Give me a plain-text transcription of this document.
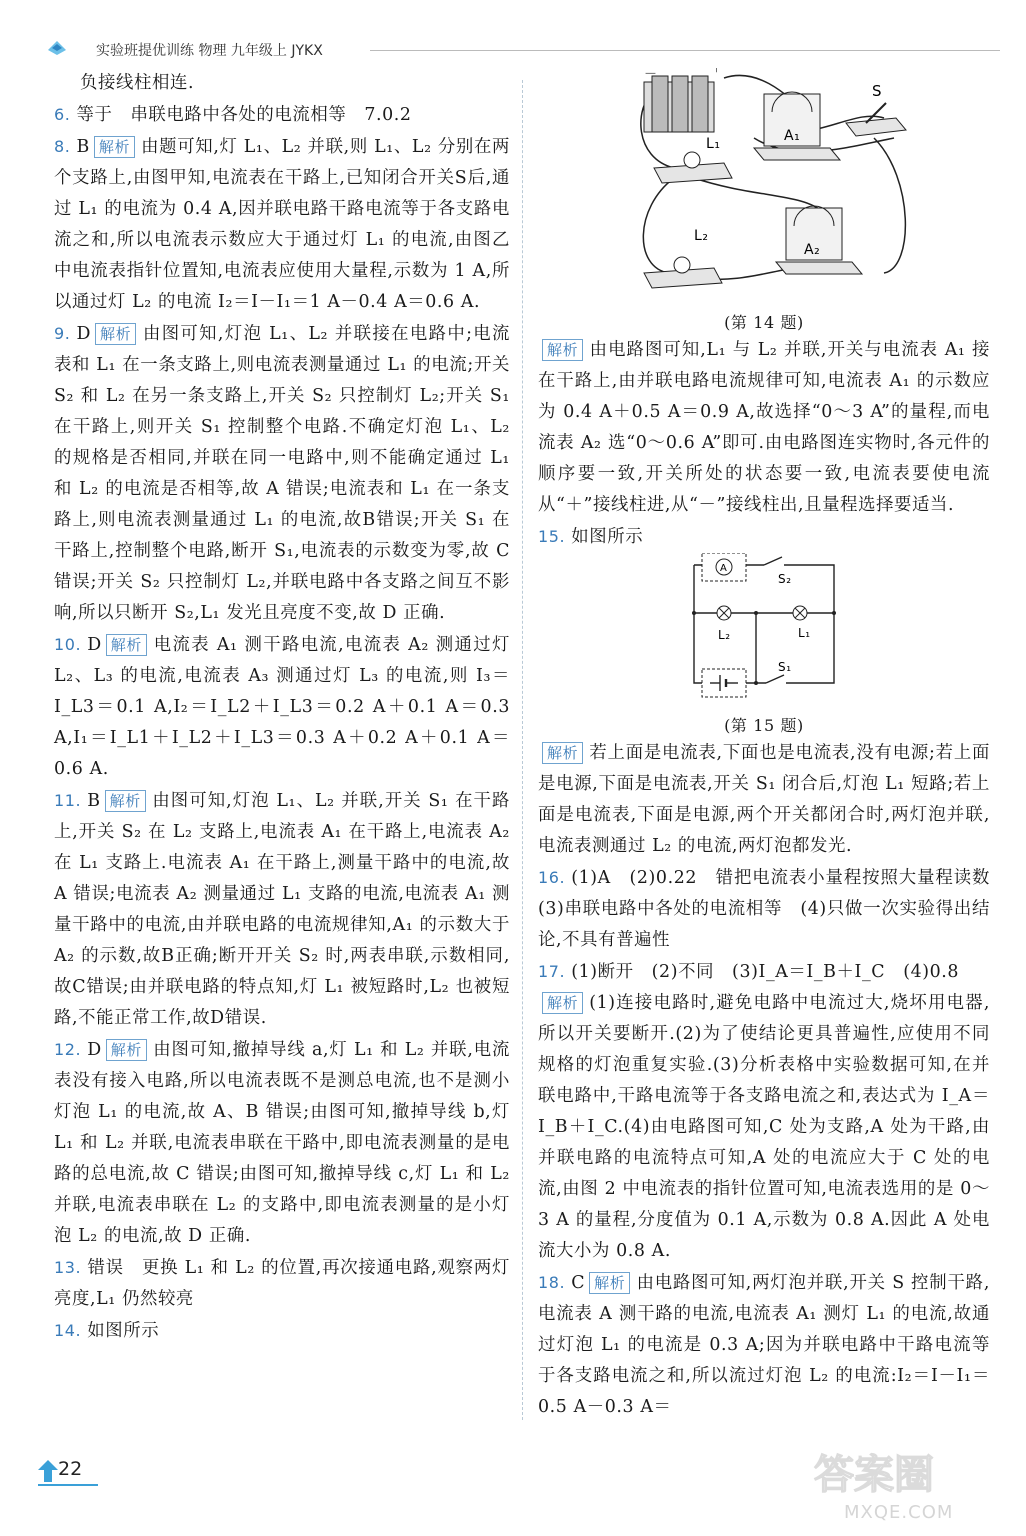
实验班提优训练 物理 九年级上 JYKX

负接线柱相连.

6. 等于　串联电路中各处的电流相等　7.0.2

8. B 解析 由题可知,灯 L₁、L₂ 并联,则 L₁、L₂ 分别在两个支路上,由图甲知,电流表在干路上,已知闭合开关S后,通过 L₁ 的电流为 0.4 A,因并联电路干路电流等于各支路电流之和,所以电流表示数应大于通过灯 L₁ 的电流,由图乙中电流表指针位置知,电流表应使用大量程,示数为 1 A,所以通过灯 L₂ 的电流 I₂＝I－I₁＝1 A－0.4 A＝0.6 A.

9. D 解析 由图可知,灯泡 L₁、L₂ 并联接在电路中;电流表和 L₁ 在一条支路上,则电流表测量通过 L₁ 的电流;开关 S₂ 和 L₂ 在另一条支路上,开关 S₂ 只控制灯 L₂;开关 S₁ 在干路上,则开关 S₁ 控制整个电路.不确定灯泡 L₁、L₂ 的规格是否相同,并联在同一电路中,则不能确定通过 L₁ 和 L₂ 的电流是否相等,故 A 错误;电流表和 L₁ 在一条支路上,则电流表测量通过 L₁ 的电流,故B错误;开关 S₁ 在干路上,控制整个电路,断开 S₁,电流表的示数变为零,故 C 错误;开关 S₂ 只控制灯 L₂,并联电路中各支路之间互不影响,所以只断开 S₂,L₁ 发光且亮度不变,故 D 正确.

10. D 解析 电流表 A₁ 测干路电流,电流表 A₂ 测通过灯 L₂、L₃ 的电流,电流表 A₃ 测通过灯 L₃ 的电流,则 I₃＝I_L3＝0.1 A,I₂＝I_L2＋I_L3＝0.2 A＋0.1 A＝0.3 A,I₁＝I_L1＋I_L2＋I_L3＝0.3 A＋0.2 A＋0.1 A＝0.6 A.

11. B 解析 由图可知,灯泡 L₁、L₂ 并联,开关 S₁ 在干路上,开关 S₂ 在 L₂ 支路上,电流表 A₁ 在干路上,电流表 A₂ 在 L₁ 支路上.电流表 A₁ 在干路上,测量干路中的电流,故 A 错误;电流表 A₂ 测量通过 L₁ 支路的电流,电流表 A₁ 测量干路中的电流,由并联电路的电流规律知,A₁ 的示数大于 A₂ 的示数,故B正确;断开开关 S₂ 时,两表串联,示数相同,故C错误;由并联电路的特点知,灯 L₁ 被短路时,L₂ 也被短路,不能正常工作,故D错误.

12. D 解析 由图可知,撤掉导线 a,灯 L₁ 和 L₂ 并联,电流表没有接入电路,所以电流表既不是测总电流,也不是测小灯泡 L₁ 的电流,故 A、B 错误;由图可知,撤掉导线 b,灯 L₁ 和 L₂ 并联,电流表串联在干路中,即电流表测量的是电路的总电流,故 C 错误;由图可知,撤掉导线 c,灯 L₁ 和 L₂ 并联,电流表串联在 L₂ 的支路中,即电流表测量的是小灯泡 L₂ 的电流,故 D 正确.

13. 错误　更换 L₁ 和 L₂ 的位置,再次接通电路,观察两灯亮度,L₁ 仍然较亮

14. 如图所示

－	＋
A₁
S
L₁
A₂
L₂
(第 14 题)

解析 由电路图可知,L₁ 与 L₂ 并联,开关与电流表 A₁ 接在干路上,由并联电路电流规律可知,电流表 A₁ 的示数应为 0.4 A＋0.5 A＝0.9 A,故选择“0～3 A”的量程,而电流表 A₂ 选“0～0.6 A”即可.由电路图连实物时,各元件的顺序要一致,开关所处的状态要一致,电流表要使电流从“＋”接线柱进,从“－”接线柱出,且量程选择要适当.

15. 如图所示

A
L₂	L₁
S₂
S₁
(第 15 题)

解析 若上面是电流表,下面也是电流表,没有电源;若上面是电源,下面是电流表,开关 S₁ 闭合后,灯泡 L₁ 短路;若上面是电流表,下面是电源,两个开关都闭合时,两灯泡并联,电流表测通过 L₂ 的电流,两灯泡都发光.

16. (1)A　(2)0.22　错把电流表小量程按照大量程读数　(3)串联电路中各处的电流相等　(4)只做一次实验得出结论,不具有普遍性

17. (1)断开　(2)不同　(3)I_A＝I_B＋I_C　(4)0.8

解析 (1)连接电路时,避免电路中电流过大,烧坏用电器,所以开关要断开.(2)为了使结论更具普遍性,应使用不同规格的灯泡重复实验.(3)分析表格中实验数据可知,在并联电路中,干路电流等于各支路电流之和,表达式为 I_A＝I_B＋I_C.(4)由电路图可知,C 处为支路,A 处为干路,由并联电路的电流特点可知,A 处的电流应大于 C 处的电流,由图 2 中电流表的指针位置可知,电流表选用的是 0～3 A 的量程,分度值为 0.1 A,示数为 0.8 A.因此 A 处电流大小为 0.8 A.

18. C 解析 由电路图可知,两灯泡并联,开关 S 控制干路,电流表 A 测干路的电流,电流表 A₁ 测灯 L₁ 的电流,故通过灯泡 L₁ 的电流是 0.3 A;因为并联电路中干路电流等于各支路电流之和,所以流过灯泡 L₂ 的电流:I₂＝I－I₁＝0.5 A－0.3 A＝

22	答案圈
MXQE.COM
